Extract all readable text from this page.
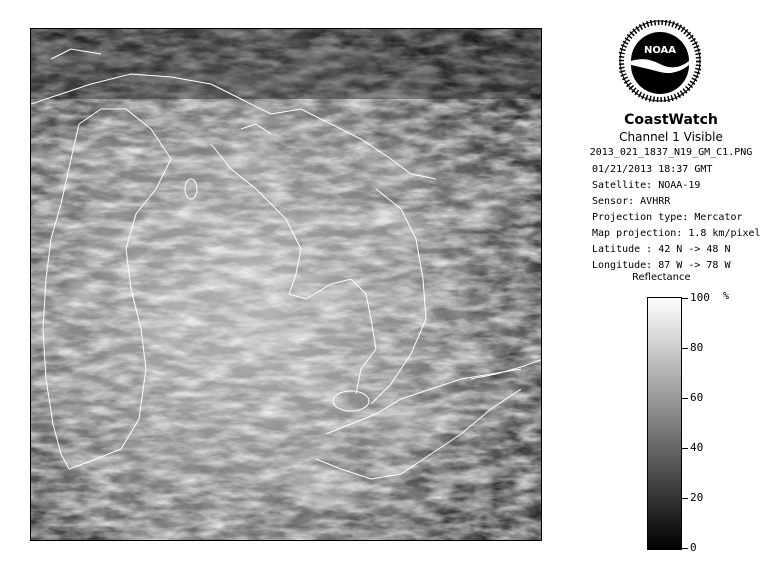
NOAA
CoastWatch
Channel 1 Visible
2013_021_1837_N19_GM_C1.PNG
01/21/2013 18:37 GMT
Satellite: NOAA-19
Sensor: AVHRR
Projection type: Mercator
Map projection: 1.8 km/pixel
Latitude : 42 N -> 48 N
Longitude: 87 W -> 78 W
Reflectance
%
100
80
60
40
20
0
